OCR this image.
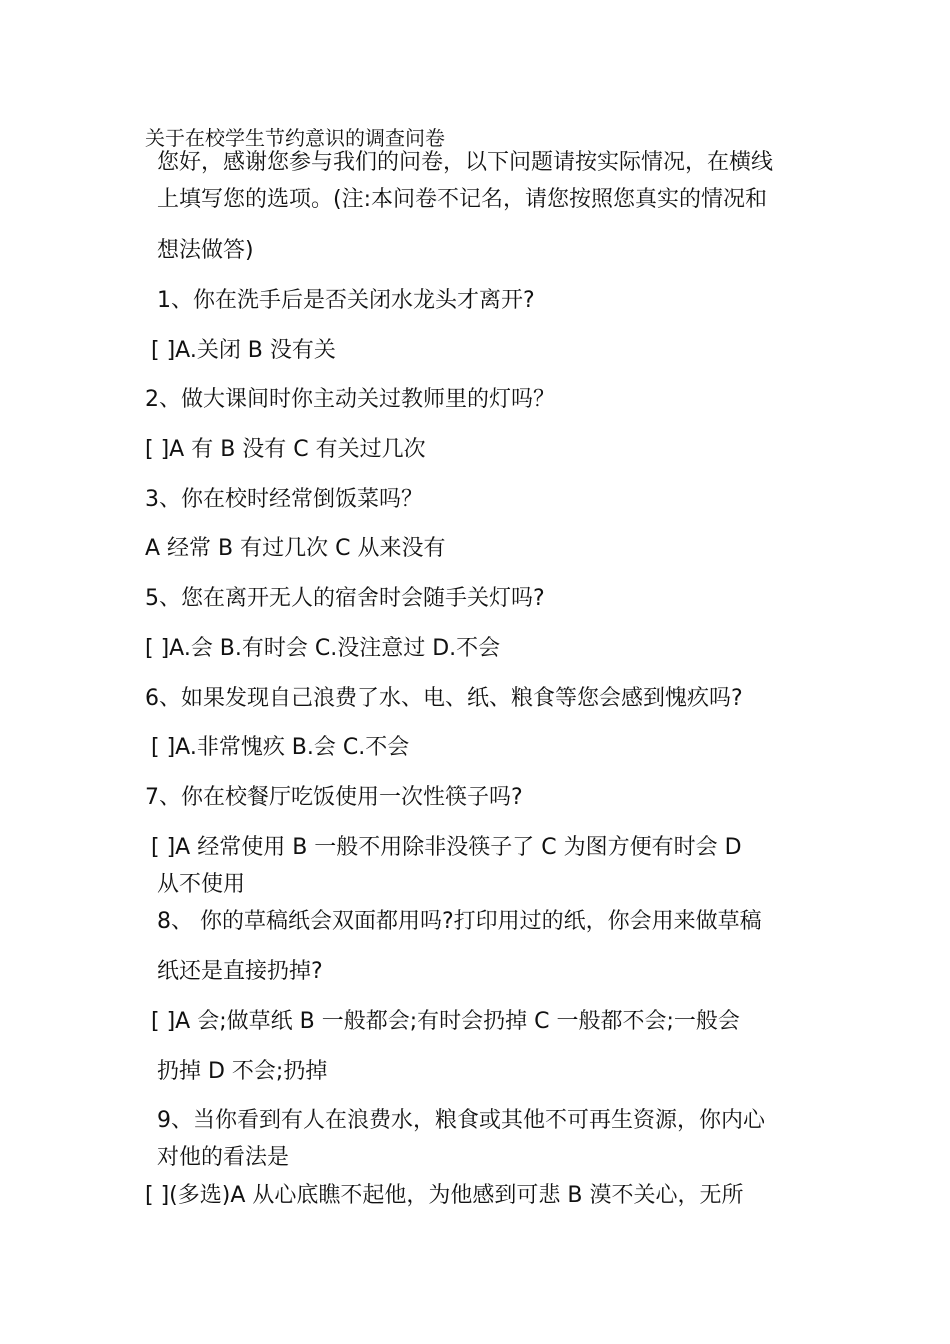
关于在校学生节约意识的调查问卷
您好，感谢您参与我们的问卷，以下问题请按实际情况，在横线
上填写您的选项。(注:本问卷不记名，请您按照您真实的情况和
想法做答)
1、你在洗手后是否关闭水龙头才离开?
[ ]A.关闭 B 没有关
2、做大课间时你主动关过教师里的灯吗？
[ ]A 有 B 没有 C 有关过几次
3、你在校时经常倒饭菜吗？
A 经常 B 有过几次 C 从来没有
5、您在离开无人的宿舍时会随手关灯吗?
[ ]A.会 B.有时会 C.没注意过 D.不会
6、如果发现自己浪费了水、电、纸、粮食等您会感到愧疚吗?
[ ]A.非常愧疚 B.会 C.不会
7、你在校餐厅吃饭使用一次性筷子吗?
[ ]A 经常使用 B 一般不用除非没筷子了 C 为图方便有时会 D
从不使用
8、 你的草稿纸会双面都用吗?打印用过的纸，你会用来做草稿
纸还是直接扔掉?
[ ]A 会;做草纸 B 一般都会;有时会扔掉 C 一般都不会;一般会
扔掉 D 不会;扔掉
9、当你看到有人在浪费水，粮食或其他不可再生资源，你内心
对他的看法是
[ ](多选)A 从心底瞧不起他，为他感到可悲 B 漠不关心，无所
